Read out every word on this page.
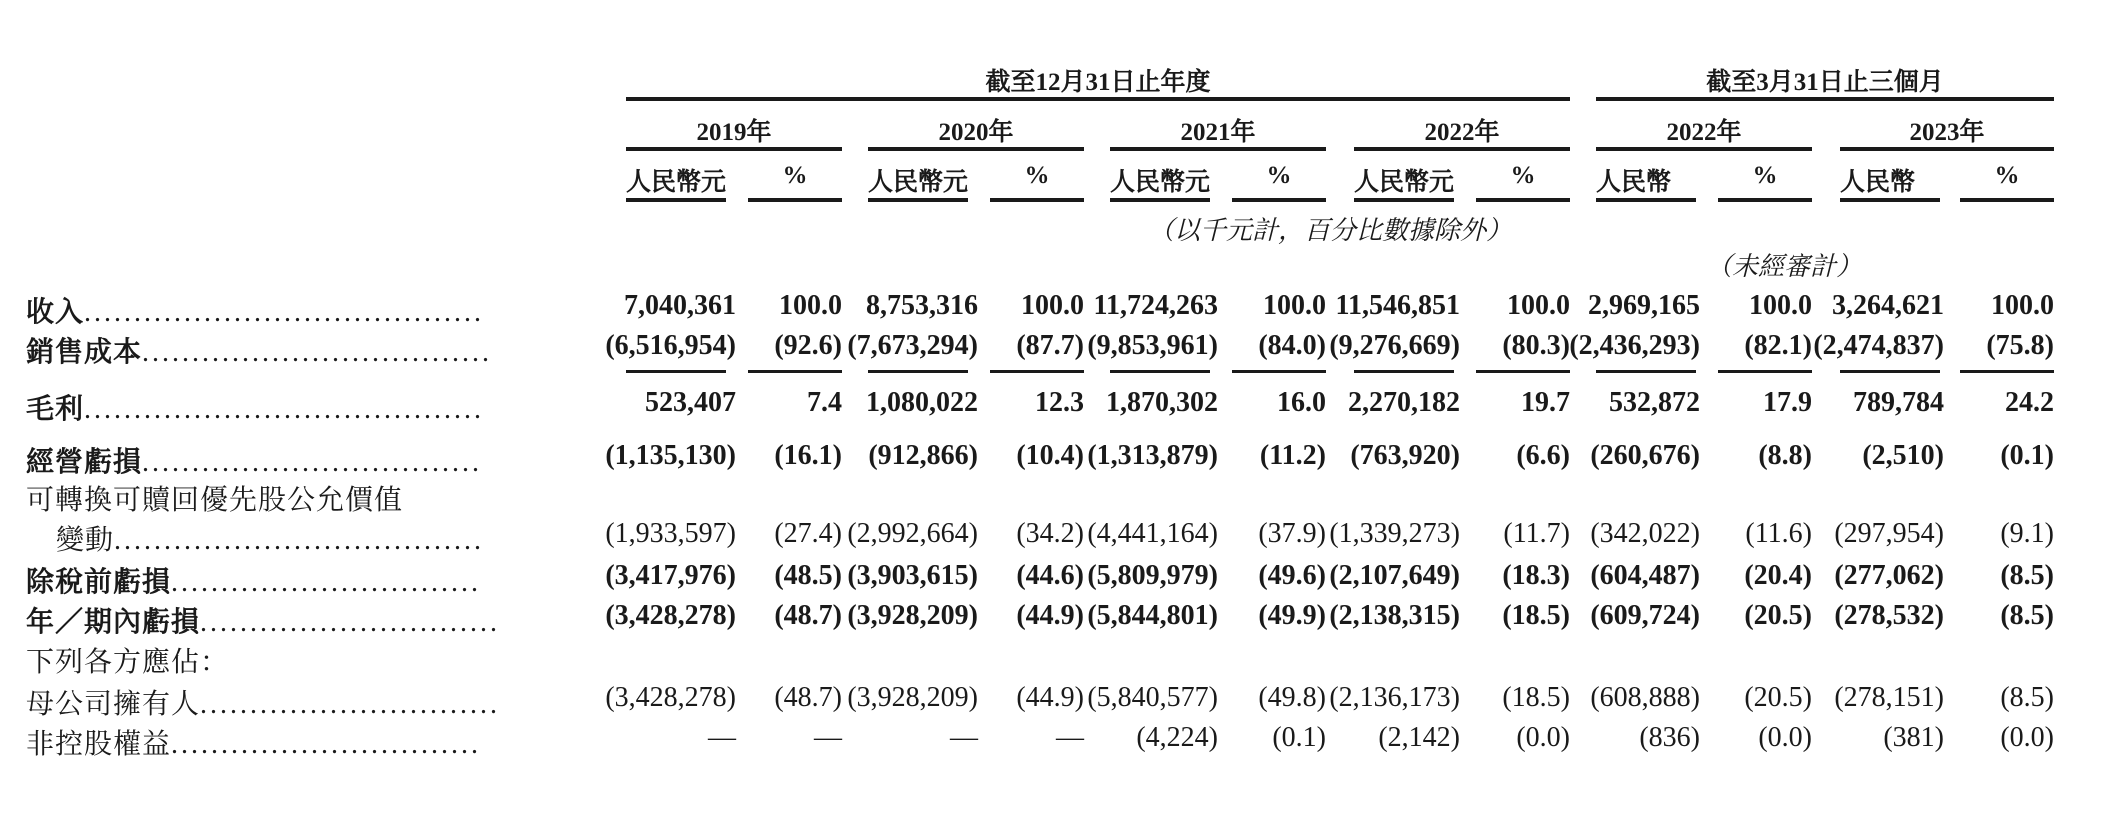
截至12月31日止年度	截至3月31日止三個月
2019年	2020年	2021年	2022年	2022年	2023年
人民幣元	%	人民幣元	%	人民幣元	%	人民幣元	%	人民幣	%	人民幣	%
（以千元計，百分比數據除外）
（未經審計）
收入........................................	7,040,361	100.0 8,753,316	100.0 11,724,263	100.0 11,546,851	100.0 2,969,165	100.0 3,264,621	100.0
銷售成本...................................	(6,516,954)	(92.6) (7,673,294)	(87.7) (9,853,961)	(84.0) (9,276,669)	(80.3) (2,436,293)	(82.1) (2,474,837)	(75.8)
毛利........................................	523,407	7.4 1,080,022	12.3 1,870,302	16.0 2,270,182	19.7	532,872	17.9	789,784	24.2
經營虧損..................................	(1,135,130)	(16.1) (912,866)	(10.4) (1,313,879)	(11.2) (763,920)	(6.6) (260,676)	(8.8)	(2,510)	(0.1)
可轉換可贖回優先股公允價值
變動.....................................	(1,933,597)	(27.4) (2,992,664)	(34.2) (4,441,164)	(37.9) (1,339,273)	(11.7) (342,022)	(11.6) (297,954)	(9.1)
除稅前虧損...............................	(3,417,976)	(48.5) (3,903,615)	(44.6) (5,809,979)	(49.6) (2,107,649)	(18.3) (604,487)	(20.4) (277,062)	(8.5)
年／期內虧損..............................	(3,428,278)	(48.7) (3,928,209)	(44.9) (5,844,801)	(49.9) (2,138,315)	(18.5) (609,724)	(20.5) (278,532)	(8.5)
下列各方應佔：
母公司擁有人..............................	(3,428,278)	(48.7) (3,928,209)	(44.9) (5,840,577)	(49.8) (2,136,173)	(18.5) (608,888)	(20.5) (278,151)	(8.5)
非控股權益...............................	—	—	—	—	(4,224)	(0.1)	(2,142)	(0.0)	(836)	(0.0)	(381)	(0.0)
